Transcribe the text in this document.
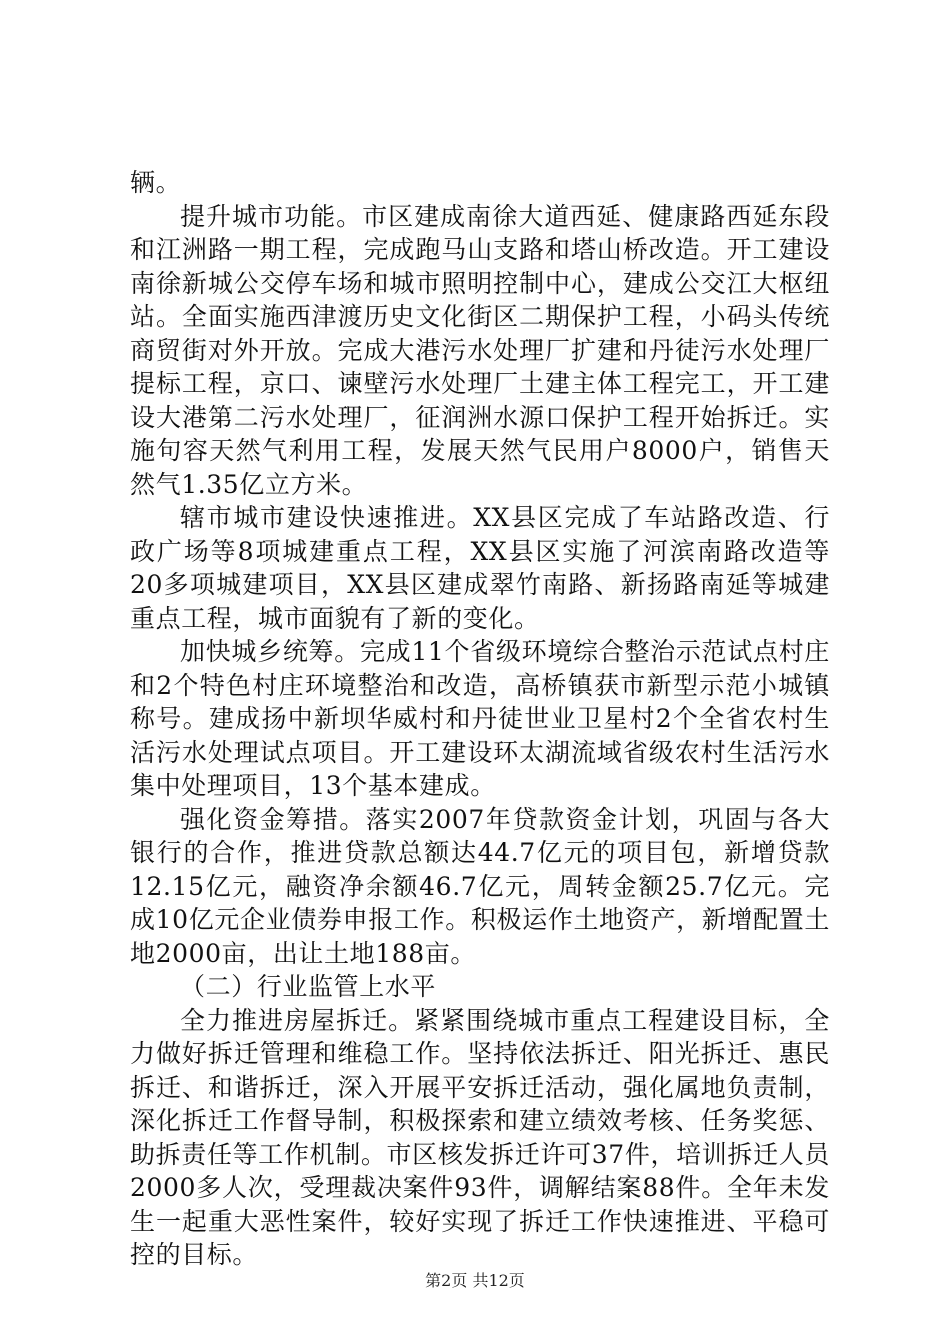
辆。

提升城市功能。市区建成南徐大道西延、健康路西延东段和江洲路一期工程，完成跑马山支路和塔山桥改造。开工建设南徐新城公交停车场和城市照明控制中心，建成公交江大枢纽站。全面实施西津渡历史文化街区二期保护工程，小码头传统商贸街对外开放。完成大港污水处理厂扩建和丹徒污水处理厂提标工程，京口、谏壁污水处理厂土建主体工程完工，开工建设大港第二污水处理厂，征润洲水源口保护工程开始拆迁。实施句容天然气利用工程，发展天然气民用户8000户，销售天然气1.35亿立方米。

辖市城市建设快速推进。XX县区完成了车站路改造、行政广场等8项城建重点工程，XX县区实施了河滨南路改造等20多项城建项目，XX县区建成翠竹南路、新扬路南延等城建重点工程，城市面貌有了新的变化。

加快城乡统筹。完成11个省级环境综合整治示范试点村庄和2个特色村庄环境整治和改造，高桥镇获市新型示范小城镇称号。建成扬中新坝华威村和丹徒世业卫星村2个全省农村生活污水处理试点项目。开工建设环太湖流域省级农村生活污水集中处理项目，13个基本建成。

强化资金筹措。落实2007年贷款资金计划，巩固与各大银行的合作，推进贷款总额达44.7亿元的项目包，新增贷款12.15亿元，融资净余额46.7亿元，周转金额25.7亿元。完成10亿元企业债券申报工作。积极运作土地资产，新增配置土地2000亩，出让土地188亩。

（二）行业监管上水平

全力推进房屋拆迁。紧紧围绕城市重点工程建设目标，全力做好拆迁管理和维稳工作。坚持依法拆迁、阳光拆迁、惠民拆迁、和谐拆迁，深入开展平安拆迁活动，强化属地负责制，深化拆迁工作督导制，积极探索和建立绩效考核、任务奖惩、助拆责任等工作机制。市区核发拆迁许可37件，培训拆迁人员2000多人次，受理裁决案件93件，调解结案88件。全年未发生一起重大恶性案件，较好实现了拆迁工作快速推进、平稳可控的目标。

第2页 共12页
